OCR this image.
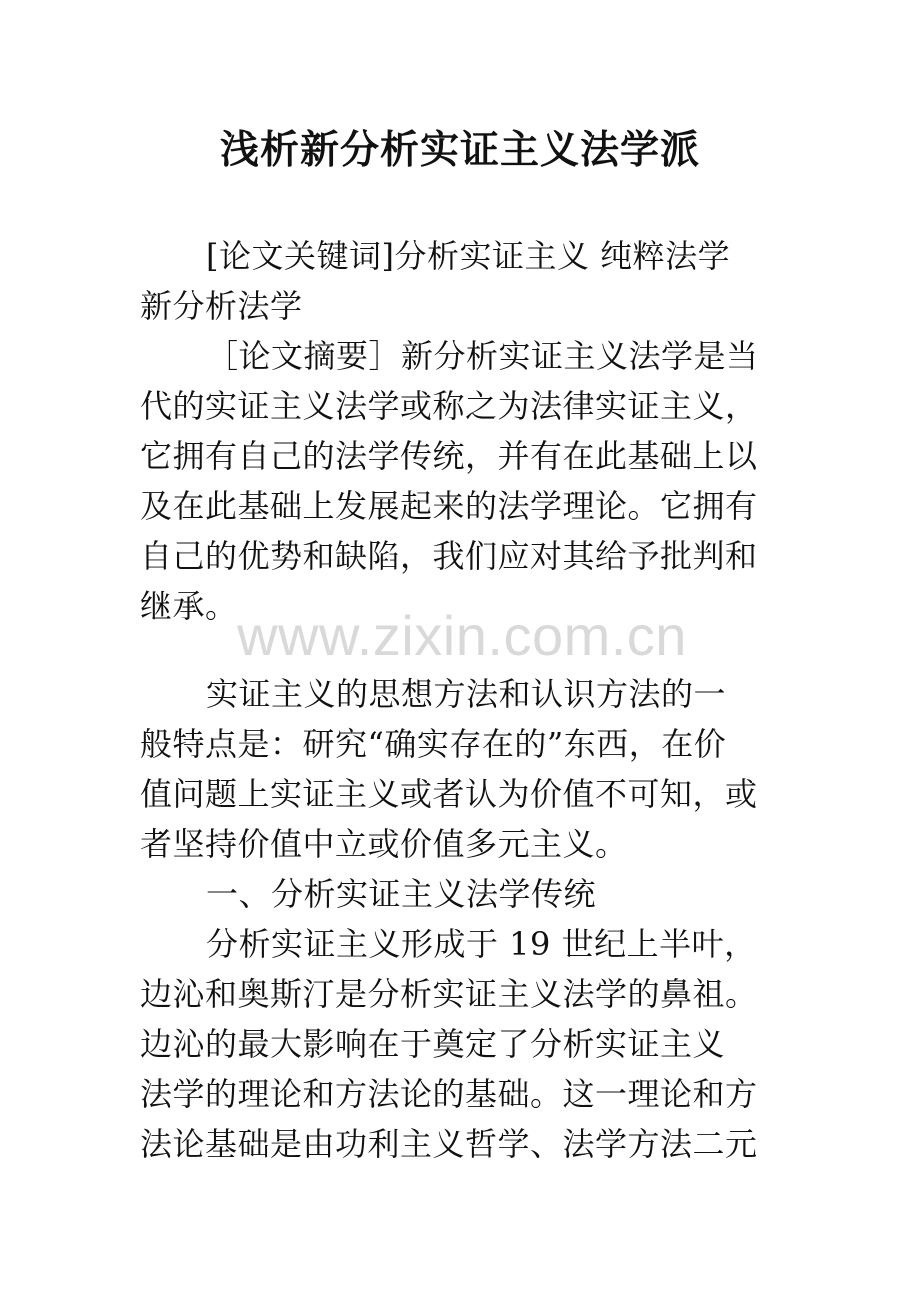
浅析新分析实证主义法学派
[论文关键词]分析实证主义 纯粹法学
新分析法学
［论文摘要］新分析实证主义法学是当
代的实证主义法学或称之为法律实证主义，
它拥有自己的法学传统，并有在此基础上以
及在此基础上发展起来的法学理论。它拥有
自己的优势和缺陷，我们应对其给予批判和
继承。 www.zixin.com.cn
实证主义的思想方法和认识方法的一
般特点是：研究“确实存在的”东西，在价
值问题上实证主义或者认为价值不可知，或
者坚持价值中立或价值多元主义。
一、分析实证主义法学传统
分析实证主义形成于 19 世纪上半叶，
边沁和奥斯汀是分析实证主义法学的鼻祖。
边沁的最大影响在于奠定了分析实证主义
法学的理论和方法论的基础。这一理论和方
法论基础是由功利主义哲学、法学方法二元
